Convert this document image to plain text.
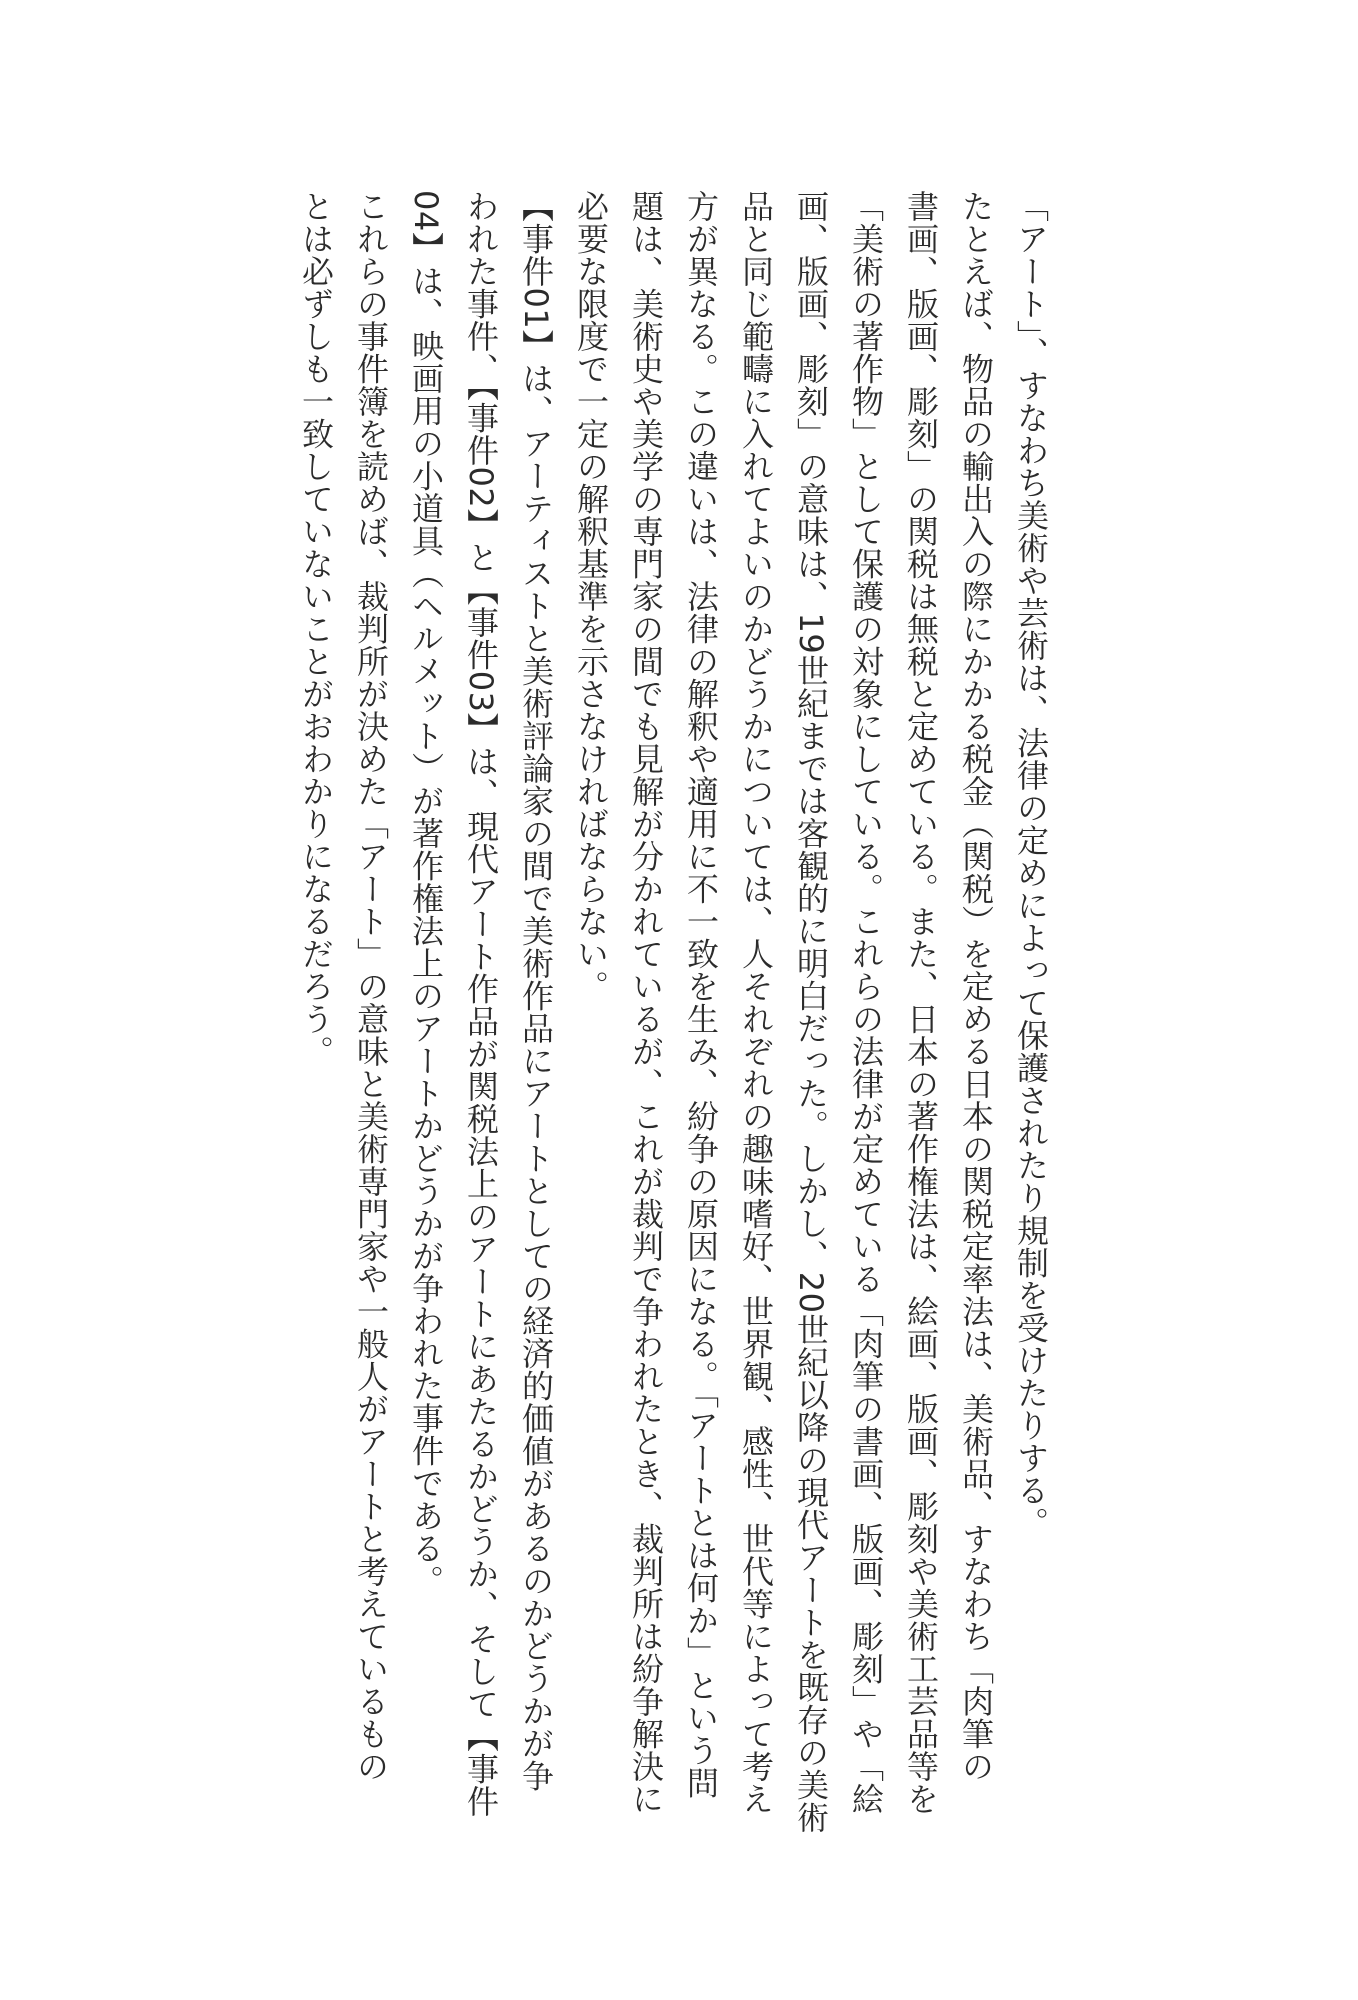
「アート」、すなわち美術や芸術は、法律の定めによって保護されたり規制を受けたりする。
たとえば、物品の輸出入の際にかかる税金（関税）を定める日本の関税定率法は、美術品、すなわち「肉筆の
書画、版画、彫刻」の関税は無税と定めている。また、日本の著作権法は、絵画、版画、彫刻や美術工芸品等を
「美術の著作物」として保護の対象にしている。これらの法律が定めている「肉筆の書画、版画、彫刻」や「絵
画、版画、彫刻」の意味は、19世紀までは客観的に明白だった。しかし、20世紀以降の現代アートを既存の美術
品と同じ範疇に入れてよいのかどうかについては、人それぞれの趣味嗜好、世界観、感性、世代等によって考え
方が異なる。この違いは、法律の解釈や適用に不一致を生み、紛争の原因になる。「アートとは何か」という問
題は、美術史や美学の専門家の間でも見解が分かれているが、これが裁判で争われたとき、裁判所は紛争解決に
必要な限度で一定の解釈基準を示さなければならない。
【事件01】は、アーティストと美術評論家の間で美術作品にアートとしての経済的価値があるのかどうかが争
われた事件、【事件02】と【事件03】は、現代アート作品が関税法上のアートにあたるかどうか、そして【事件
04】は、映画用の小道具（ヘルメット）が著作権法上のアートかどうかが争われた事件である。
これらの事件簿を読めば、裁判所が決めた「アート」の意味と美術専門家や一般人がアートと考えているもの
とは必ずしも一致していないことがおわかりになるだろう。
